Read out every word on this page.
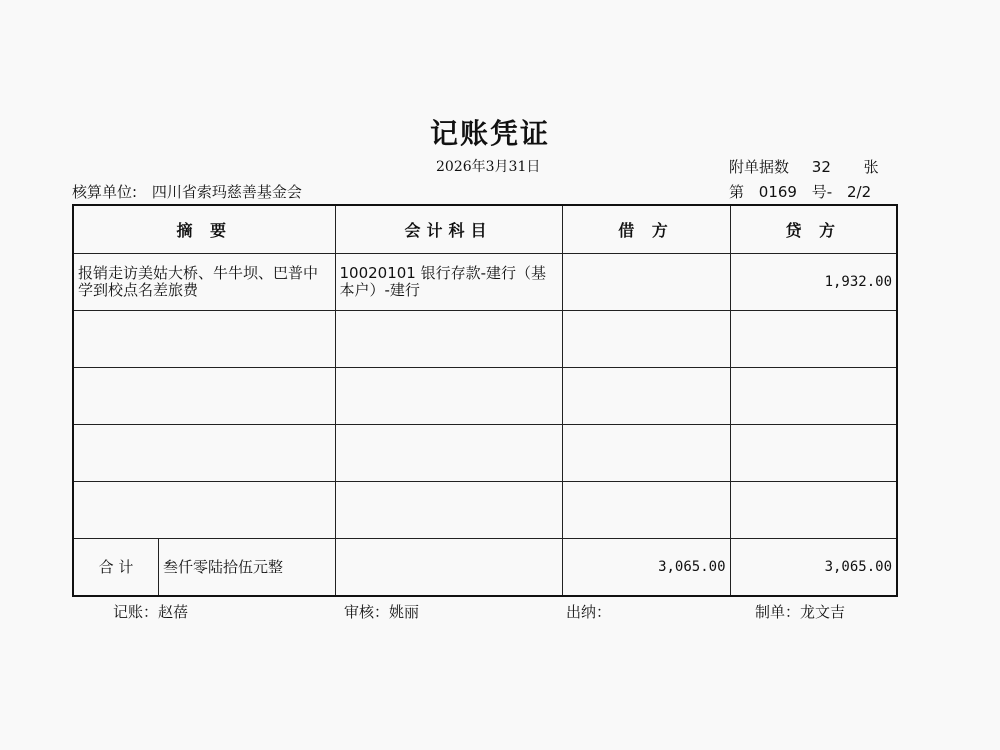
记账凭证
2026年3月31日	附单据数 32 张
核算单位: 四川省索玛慈善基金会	第 0169 号- 2/2
摘 要	会计科目	借 方	贷 方
报销走访美姑大桥、牛牛坝、巴普中学到校点名差旅费	10020101 银行存款-建行（基本户）-建行		1,932.00

合 计 叁仟零陆拾伍元整		3,065.00	3,065.00
记账：赵蓓	审核：姚丽	出纳：	制单：龙文吉
